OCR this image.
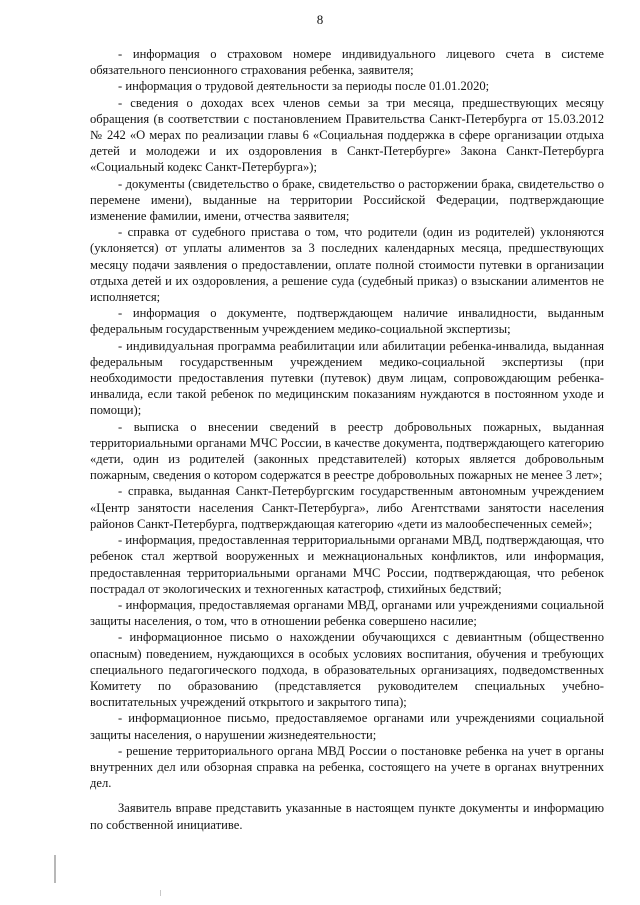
8

- информация о страховом номере индивидуального лицевого счета в системе обязательного пенсионного страхования ребенка, заявителя;

- информация о трудовой деятельности за периоды после 01.01.2020;

- сведения о доходах всех членов семьи за три месяца, предшествующих месяцу обращения (в соответствии с постановлением Правительства Санкт-Петербурга от 15.03.2012 № 242 «О мерах по реализации главы 6 «Социальная поддержка в сфере организации отдыха детей и молодежи и их оздоровления в Санкт-Петербурге» Закона Санкт-Петербурга «Социальный кодекс Санкт-Петербурга»);

- документы (свидетельство о браке, свидетельство о расторжении брака, свидетельство о перемене имени), выданные на территории Российской Федерации, подтверждающие изменение фамилии, имени, отчества заявителя;

- справка от судебного пристава о том, что родители (один из родителей) уклоняются (уклоняется) от уплаты алиментов за 3 последних календарных месяца, предшествующих месяцу подачи заявления о предоставлении, оплате полной стоимости путевки в организации отдыха детей и их оздоровления, а решение суда (судебный приказ) о взыскании алиментов не исполняется;

- информация о документе, подтверждающем наличие инвалидности, выданным федеральным государственным учреждением медико-социальной экспертизы;

- индивидуальная программа реабилитации или абилитации ребенка-инвалида, выданная федеральным государственным учреждением медико-социальной экспертизы (при необходимости предоставления путевки (путевок) двум лицам, сопровождающим ребенка-инвалида, если такой ребенок по медицинским показаниям нуждаются в постоянном уходе и помощи);

- выписка о внесении сведений в реестр добровольных пожарных, выданная территориальными органами МЧС России, в качестве документа, подтверждающего категорию «дети, один из родителей (законных представителей) которых является добровольным пожарным, сведения о котором содержатся в реестре добровольных пожарных не менее 3 лет»;

- справка, выданная Санкт-Петербургским государственным автономным учреждением «Центр занятости населения Санкт-Петербурга», либо Агентствами занятости населения районов Санкт-Петербурга, подтверждающая категорию «дети из малообеспеченных семей»;

- информация, предоставленная территориальными органами МВД, подтверждающая, что ребенок стал жертвой вооруженных и межнациональных конфликтов, или информация, предоставленная территориальными органами МЧС России, подтверждающая, что ребенок пострадал от экологических и техногенных катастроф, стихийных бедствий;

- информация, предоставляемая органами МВД, органами или учреждениями социальной защиты населения, о том, что в отношении ребенка совершено насилие;

- информационное письмо о нахождении обучающихся с девиантным (общественно опасным) поведением, нуждающихся в особых условиях воспитания, обучения и требующих специального педагогического подхода, в образовательных организациях, подведомственных Комитету по образованию (представляется руководителем специальных учебно-воспитательных учреждений открытого и закрытого типа);

- информационное письмо, предоставляемое органами или учреждениями социальной защиты населения, о нарушении жизнедеятельности;

- решение территориального органа МВД России о постановке ребенка на учет в органы внутренних дел или обзорная справка на ребенка, состоящего на учете в органах внутренних дел.

Заявитель вправе представить указанные в настоящем пункте документы и информацию по собственной инициативе.
